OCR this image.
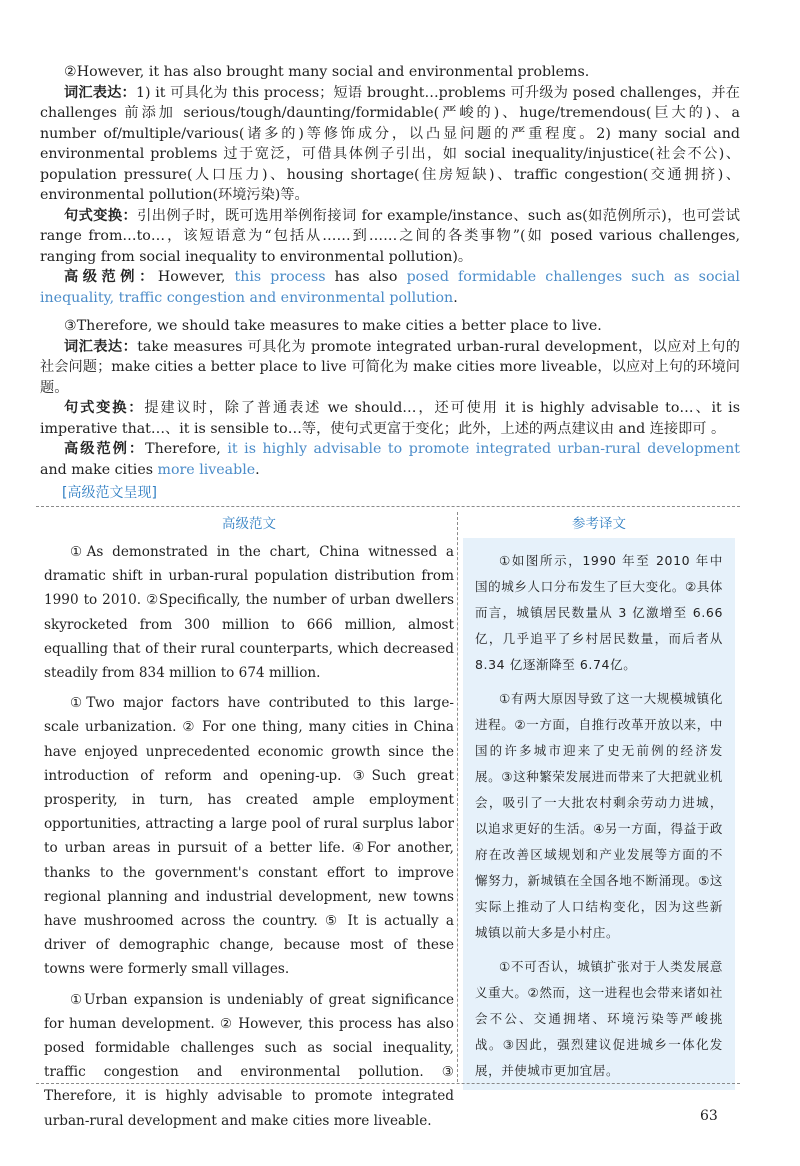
②However, it has also brought many social and environmental problems.

词汇表达：1) it 可具化为 this process；短语 brought…problems 可升级为 posed challenges，并在 challenges 前添加 serious/tough/daunting/formidable(严峻的)、huge/tremendous(巨大的)、a number of/multiple/various(诸多的)等修饰成分，以凸显问题的严重程度。2) many social and environmental problems 过于宽泛，可借具体例子引出，如 social inequality/injustice(社会不公)、population pressure(人口压力)、housing shortage(住房短缺)、traffic congestion(交通拥挤)、environmental pollution(环境污染)等。

句式变换：引出例子时，既可选用举例衔接词 for example/instance、such as(如范例所示)，也可尝试 range from…to…，该短语意为“包括从……到……之间的各类事物”(如 posed various challenges, ranging from social inequality to environmental pollution)。

高级范例：However, this process has also posed formidable challenges such as social inequality, traffic congestion and environmental pollution.

③Therefore, we should take measures to make cities a better place to live.

词汇表达：take measures 可具化为 promote integrated urban-rural development，以应对上句的社会问题；make cities a better place to live 可简化为 make cities more liveable，以应对上句的环境问题。

句式变换：提建议时，除了普通表述 we should…，还可使用 it is highly advisable to…、it is imperative that…、it is sensible to…等，使句式更富于变化；此外，上述的两点建议由 and 连接即可 。

高级范例：Therefore, it is highly advisable to promote integrated urban-rural development and make cities more liveable.

[高级范文呈现]
高级范文

①As demonstrated in the chart, China witnessed a dramatic shift in urban-rural population distribution from 1990 to 2010. ②Specifically, the number of urban dwellers skyrocketed from 300 million to 666 million, almost equalling that of their rural counterparts, which decreased steadily from 834 million to 674 million.

①Two major factors have contributed to this large-scale urbanization. ② For one thing, many cities in China have enjoyed unprecedented economic growth since the introduction of reform and opening-up. ③Such great prosperity, in turn, has created ample employment opportunities, attracting a large pool of rural surplus labor to urban areas in pursuit of a better life. ④For another, thanks to the government's constant effort to improve regional planning and industrial development, new towns have mushroomed across the country. ⑤ It is actually a driver of demographic change, because most of these towns were formerly small villages.

①Urban expansion is undeniably of great significance for human development. ② However, this process has also posed formidable challenges such as social inequality, traffic congestion and environmental pollution. ③ Therefore, it is highly advisable to promote integrated urban-rural development and make cities more liveable.

参考译文

①如图所示，1990 年至 2010 年中国的城乡人口分布发生了巨大变化。②具体而言，城镇居民数量从 3 亿激增至 6.66 亿，几乎追平了乡村居民数量，而后者从 8.34 亿逐渐降至 6.74亿。

①有两大原因导致了这一大规模城镇化进程。②一方面，自推行改革开放以来，中国的许多城市迎来了史无前例的经济发展。③这种繁荣发展进而带来了大把就业机会，吸引了一大批农村剩余劳动力进城，以追求更好的生活。④另一方面，得益于政府在改善区域规划和产业发展等方面的不懈努力，新城镇在全国各地不断涌现。⑤这实际上推动了人口结构变化，因为这些新城镇以前大多是小村庄。

①不可否认，城镇扩张对于人类发展意义重大。②然而，这一进程也会带来诸如社会不公、交通拥堵、环境污染等严峻挑战。③因此，强烈建议促进城乡一体化发展，并使城市更加宜居。

63
